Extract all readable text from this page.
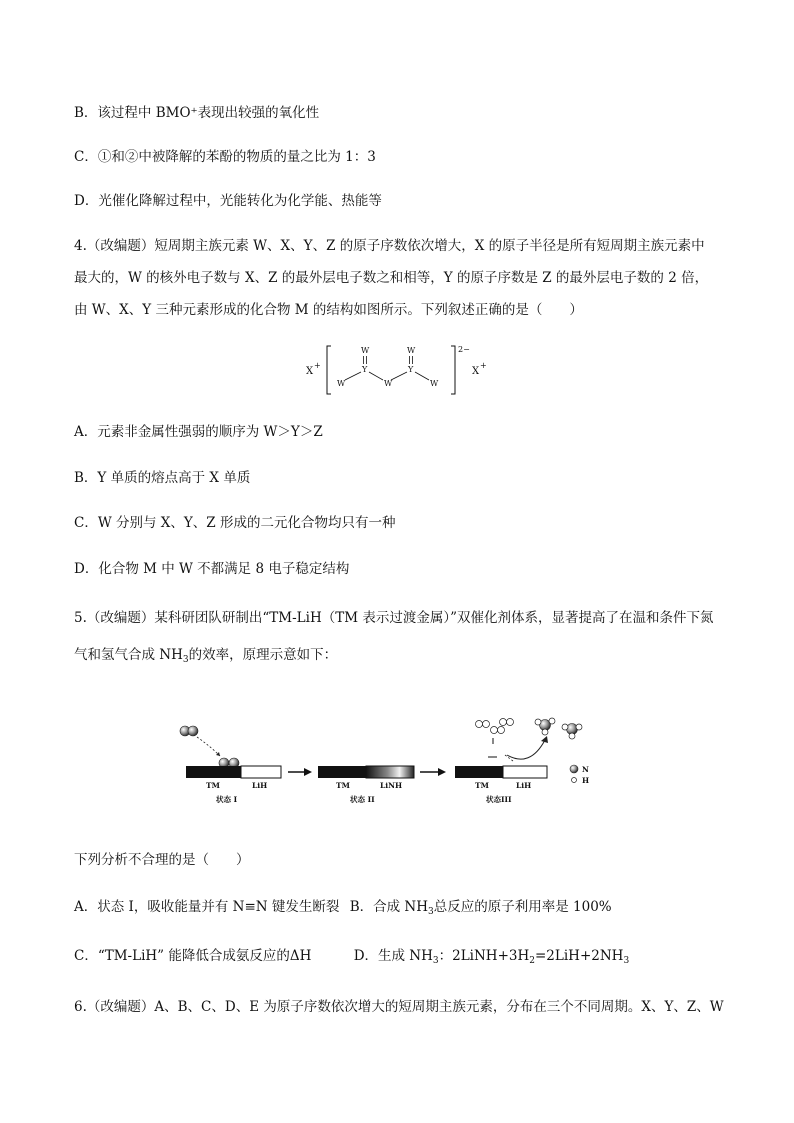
B．该过程中 BMO⁺表现出较强的氧化性
C．①和②中被降解的苯酚的物质的量之比为 1：3
D．光催化降解过程中，光能转化为化学能、热能等
4.（改编题）短周期主族元素 W、X、Y、Z 的原子序数依次增大，X 的原子半径是所有短周期主族元素中
最大的，W 的核外电子数与 X、Z 的最外层电子数之和相等，Y 的原子序数是 Z 的最外层电子数的 2 倍，
由 W、X、Y 三种元素形成的化合物 M 的结构如图所示。下列叙述正确的是（　　）
X
+
2−
X
+
W	W
Y	Y
W	W	W
A．元素非金属性强弱的顺序为 W＞Y＞Z
B．Y 单质的熔点高于 X 单质
C．W 分别与 X、Y、Z 形成的二元化合物均只有一种
D．化合物 M 中 W 不都满足 8 电子稳定结构
5.（改编题）某科研团队研制出“TM-LiH（TM 表示过渡金属）”双催化剂体系，显著提高了在温和条件下氮
气和氢气合成 $NH_3$的效率，原理示意如下：
TM	LiH
状态 I
TM	LiNH
状态 II
TM	LiH
状态III
N
H
下列分析不合理的是（　　）
A．状态 I，吸收能量并有 N≡N 键发生断裂 B．合成 $NH_3$总反应的原子利用率是 100%
C．“TM-LiH” 能降低合成氨反应的ΔH	D．生成 $NH_3$：$2LiNH+3H_2=2LiH+2NH_3$
6.（改编题）A、B、C、D、E 为原子序数依次增大的短周期主族元素，分布在三个不同周期。X、Y、Z、W
